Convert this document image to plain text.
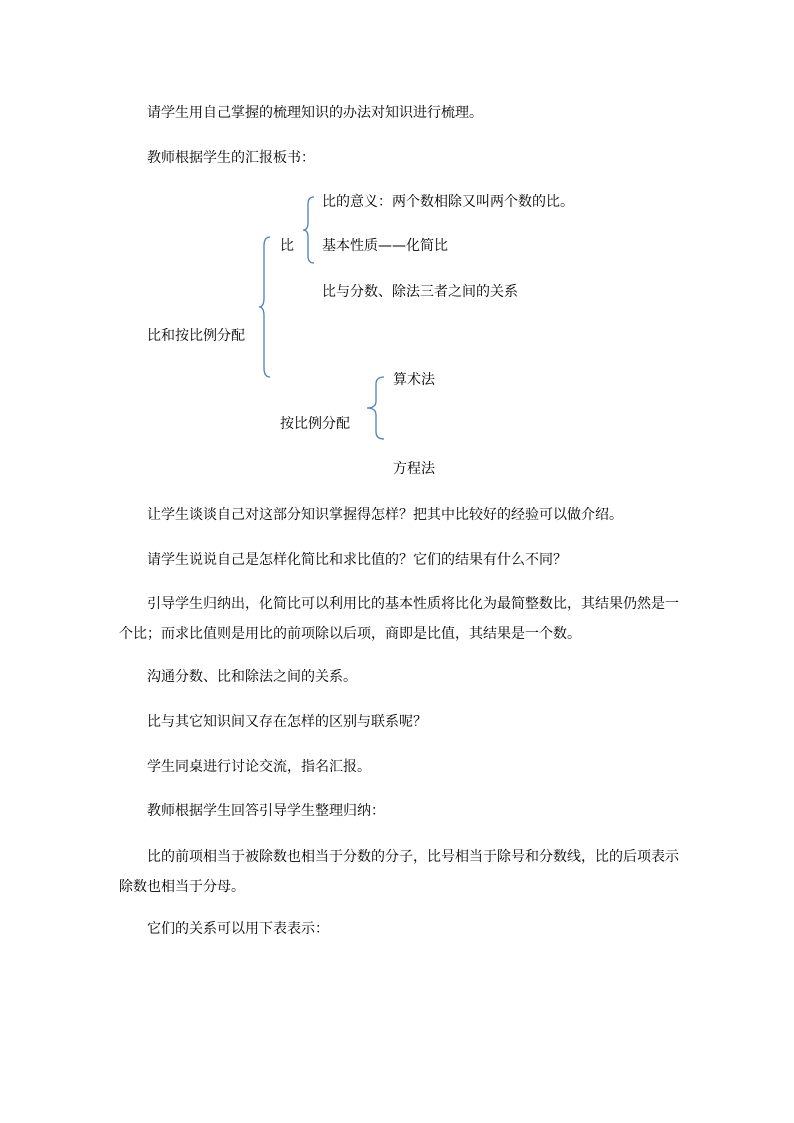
请学生用自己掌握的梳理知识的办法对知识进行梳理。
教师根据学生的汇报板书：
比和按比例分配
比
比的意义：两个数相除又叫两个数的比。
基本性质——化简比
比与分数、除法三者之间的关系
按比例分配
算术法
方程法
让学生谈谈自己对这部分知识掌握得怎样？把其中比较好的经验可以做介绍。
请学生说说自己是怎样化简比和求比值的？它们的结果有什么不同？
引导学生归纳出，化简比可以利用比的基本性质将比化为最简整数比，其结果仍然是一个比；而求比值则是用比的前项除以后项，商即是比值，其结果是一个数。
沟通分数、比和除法之间的关系。
比与其它知识间又存在怎样的区别与联系呢？
学生同桌进行讨论交流，指名汇报。
教师根据学生回答引导学生整理归纳：
比的前项相当于被除数也相当于分数的分子，比号相当于除号和分数线，比的后项表示除数也相当于分母。
它们的关系可以用下表表示：
